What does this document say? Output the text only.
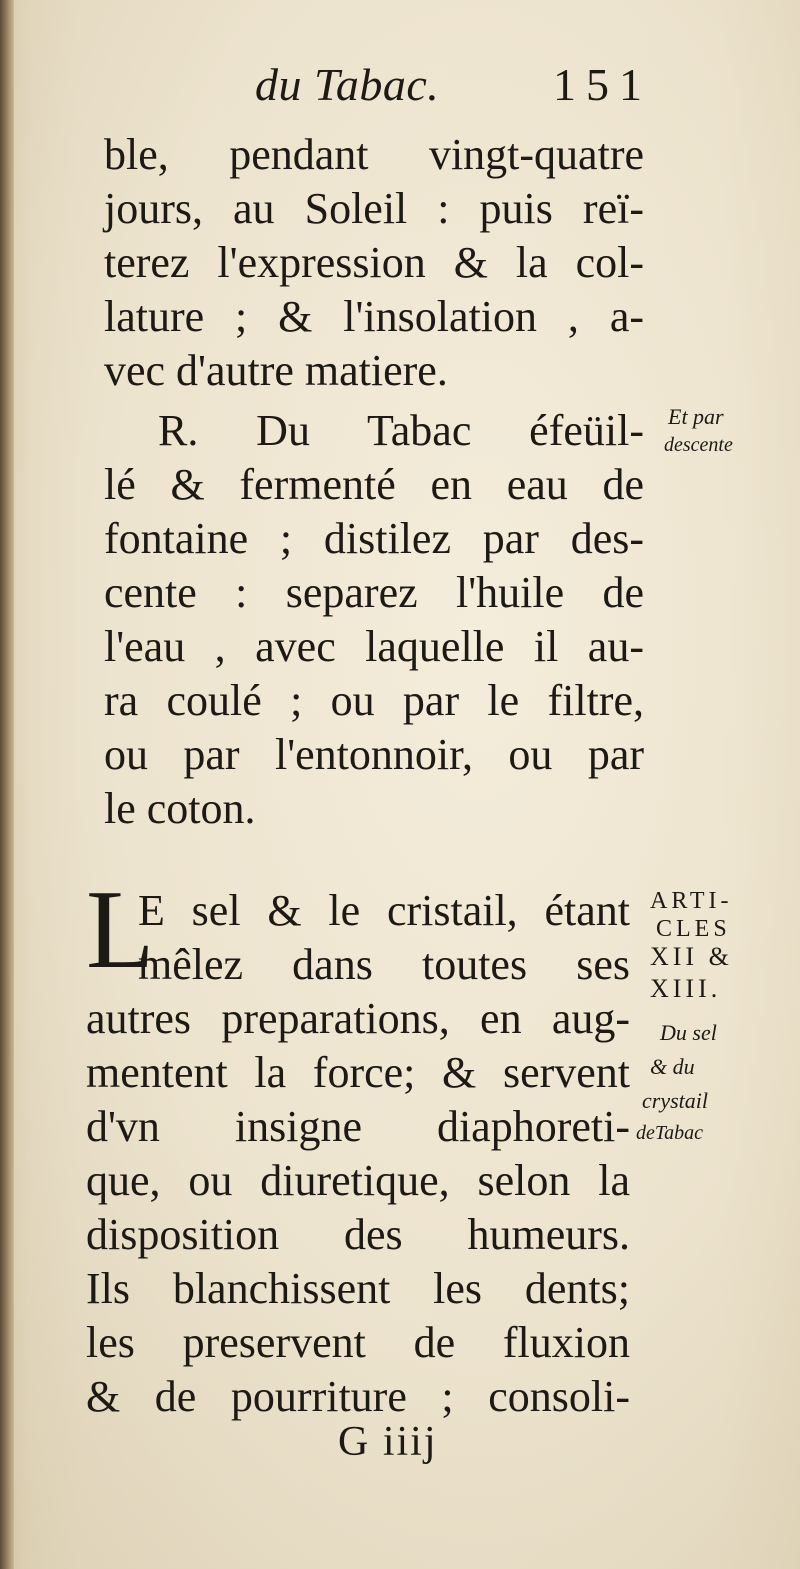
du Tabac. 151
ble, pendant vingt-quatre
jours, au Soleil : puis reï-
terez l'expression & la col-
lature ; & l'insolation , a-
vec d'autre matiere.
R. Du Tabac éfeüil-
lé & fermenté en eau de
fontaine ; distilez par des-
cente : separez l'huile de
l'eau , avec laquelle il au-
ra coulé ; ou par le filtre,
ou par l'entonnoir, ou par
le coton.
L
E sel & le cristail, étant
mêlez dans toutes ses
autres preparations, en aug-
mentent la force; & servent
d'vn insigne diaphoreti-
que, ou diuretique, selon la
disposition des humeurs.
Ils blanchissent les dents;
les preservent de fluxion
& de pourriture ; consoli-
Et par
descente
ARTI-
CLES
XII &
XIII.
Du sel
& du
crystail
deTabac
G iiij
